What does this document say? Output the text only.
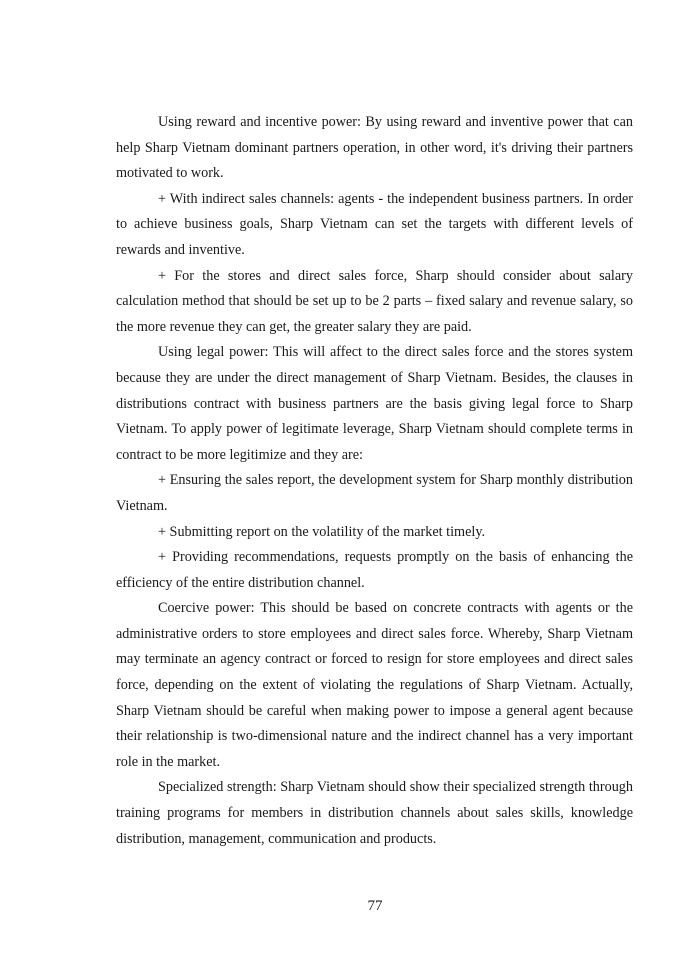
Using reward and incentive power: By using reward and inventive power that can help Sharp Vietnam dominant partners operation, in other word, it's driving their partners motivated to work.

+ With indirect sales channels: agents - the independent business partners. In order to achieve business goals, Sharp Vietnam can set the targets with different levels of rewards and inventive.

+ For the stores and direct sales force, Sharp should consider about salary calculation method that should be set up to be 2 parts – fixed salary and revenue salary, so the more revenue they can get, the greater salary they are paid.

Using legal power: This will affect to the direct sales force and the stores system because they are under the direct management of Sharp Vietnam. Besides, the clauses in distributions contract with business partners are the basis giving legal force to Sharp Vietnam. To apply power of legitimate leverage, Sharp Vietnam should complete terms in contract to be more legitimize and they are:

+ Ensuring the sales report, the development system for Sharp monthly distribution Vietnam.

+ Submitting report on the volatility of the market timely.

+ Providing recommendations, requests promptly on the basis of enhancing the efficiency of the entire distribution channel.

Coercive power: This should be based on concrete contracts with agents or the administrative orders to store employees and direct sales force. Whereby, Sharp Vietnam may terminate an agency contract or forced to resign for store employees and direct sales force, depending on the extent of violating the regulations of Sharp Vietnam. Actually, Sharp Vietnam should be careful when making power to impose a general agent because their relationship is two-dimensional nature and the indirect channel has a very important role in the market.

Specialized strength: Sharp Vietnam should show their specialized strength through training programs for members in distribution channels about sales skills, knowledge distribution, management, communication and products.

77
